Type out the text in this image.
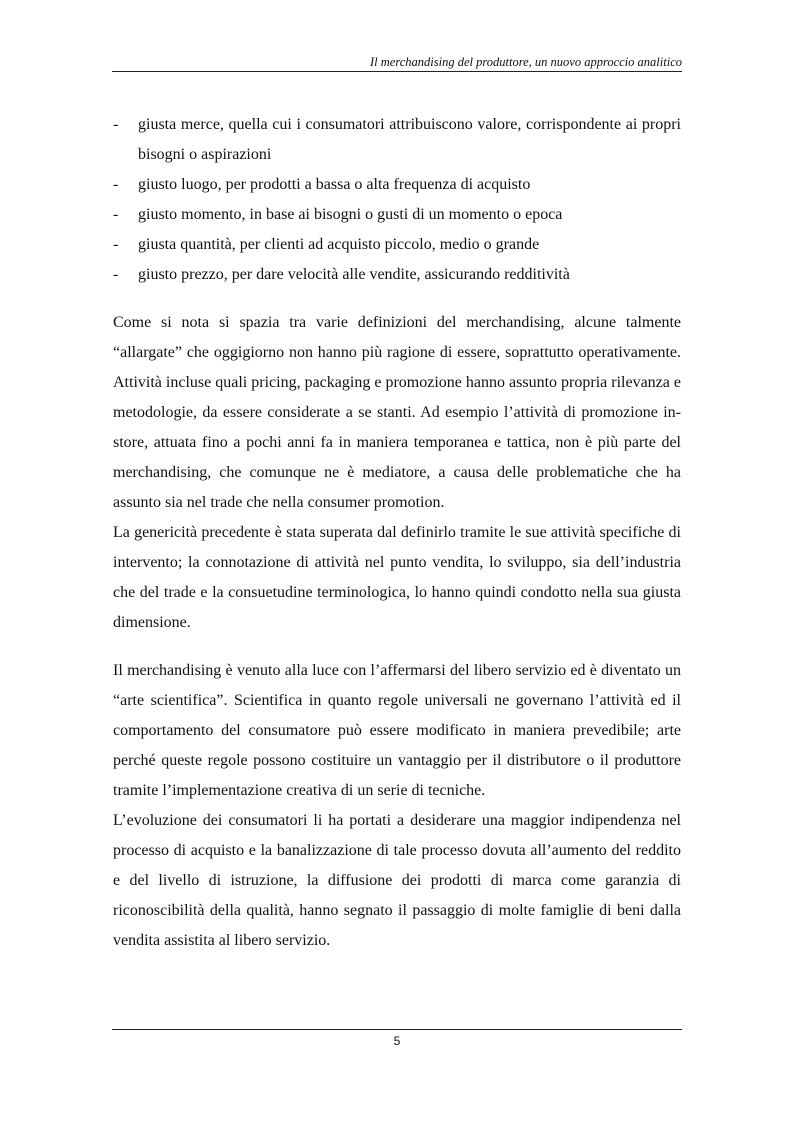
Il merchandising del produttore, un nuovo approccio analitico
- giusta merce, quella cui i consumatori attribuiscono valore, corrispondente ai propri bisogni o aspirazioni
- giusto luogo, per prodotti a bassa o alta frequenza di acquisto
- giusto momento, in base ai bisogni o gusti di un momento o epoca
- giusta quantità, per clienti ad acquisto piccolo, medio o grande
- giusto prezzo, per dare velocità alle vendite, assicurando redditività

Come si nota si spazia tra varie definizioni del merchandising, alcune talmente “allargate” che oggigiorno non hanno più ragione di essere, soprattutto operativamente. Attività incluse quali pricing, packaging e promozione hanno assunto propria rilevanza e metodologie, da essere considerate a se stanti. Ad esempio l’attività di promozione in-store, attuata fino a pochi anni fa in maniera temporanea e tattica, non è più parte del merchandising, che comunque ne è mediatore, a causa delle problematiche che ha assunto sia nel trade che nella consumer promotion.

La genericità precedente è stata superata dal definirlo tramite le sue attività specifiche di intervento; la connotazione di attività nel punto vendita, lo sviluppo, sia dell’industria che del trade e la consuetudine terminologica, lo hanno quindi condotto nella sua giusta dimensione.

Il merchandising è venuto alla luce con l’affermarsi del libero servizio ed è diventato un “arte scientifica”. Scientifica in quanto regole universali ne governano l’attività ed il comportamento del consumatore può essere modificato in maniera prevedibile; arte perché queste regole possono costituire un vantaggio per il distributore o il produttore tramite l’implementazione creativa di un serie di tecniche.

L’evoluzione dei consumatori li ha portati a desiderare una maggior indipendenza nel processo di acquisto e la banalizzazione di tale processo dovuta all’aumento del reddito e del livello di istruzione, la diffusione dei prodotti di marca come garanzia di riconoscibilità della qualità, hanno segnato il passaggio di molte famiglie di beni dalla vendita assistita al libero servizio.

5
